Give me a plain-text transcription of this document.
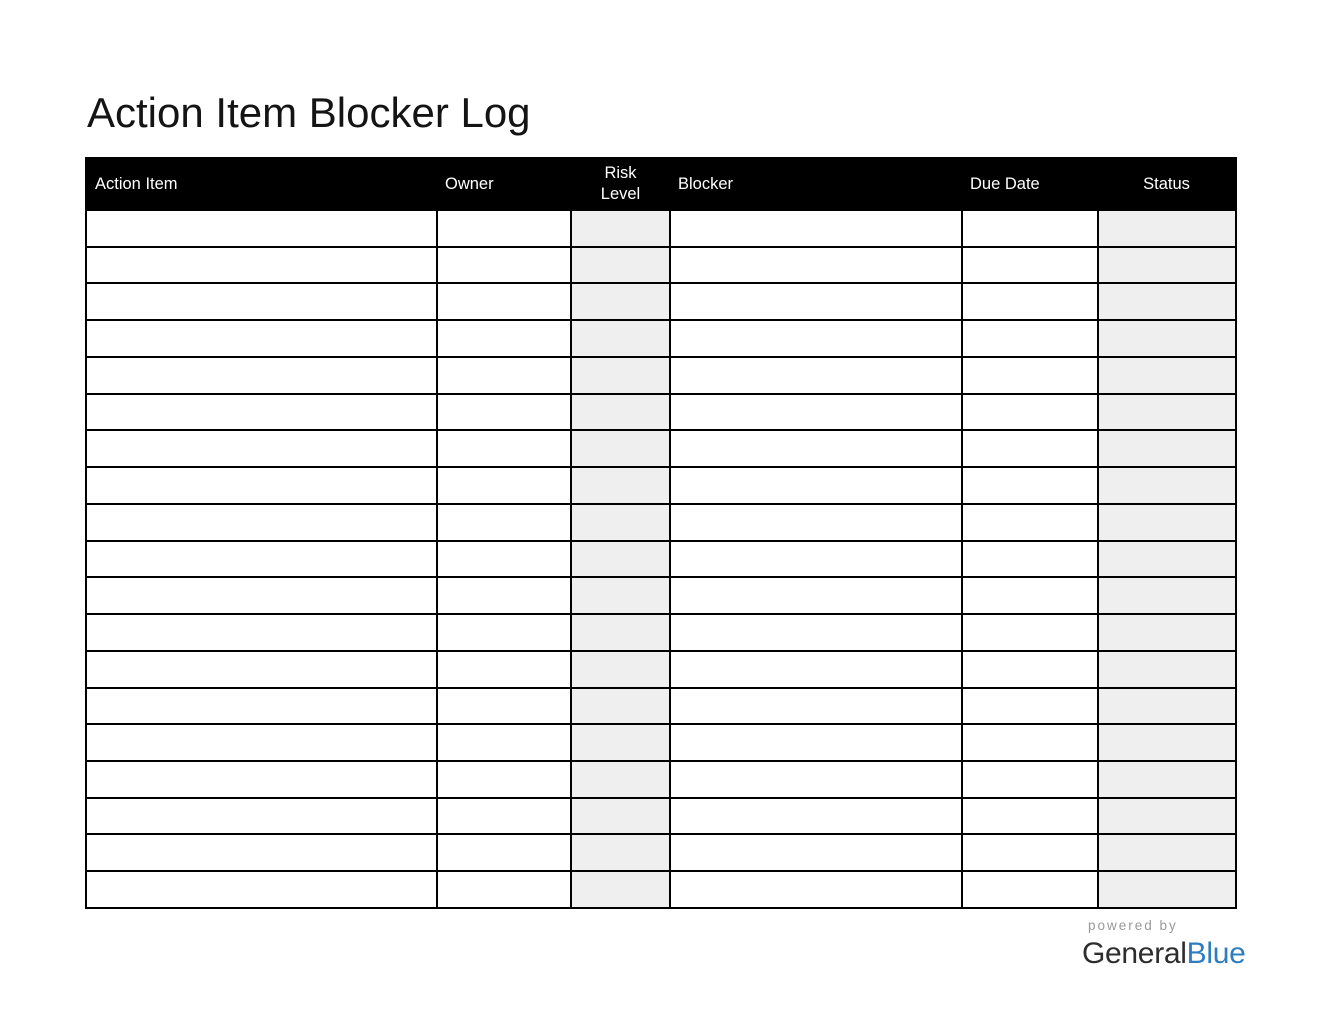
Action Item Blocker Log
Action Item	Owner	Risk Level	Blocker	Due Date	Status

powered by
GeneralBlue
